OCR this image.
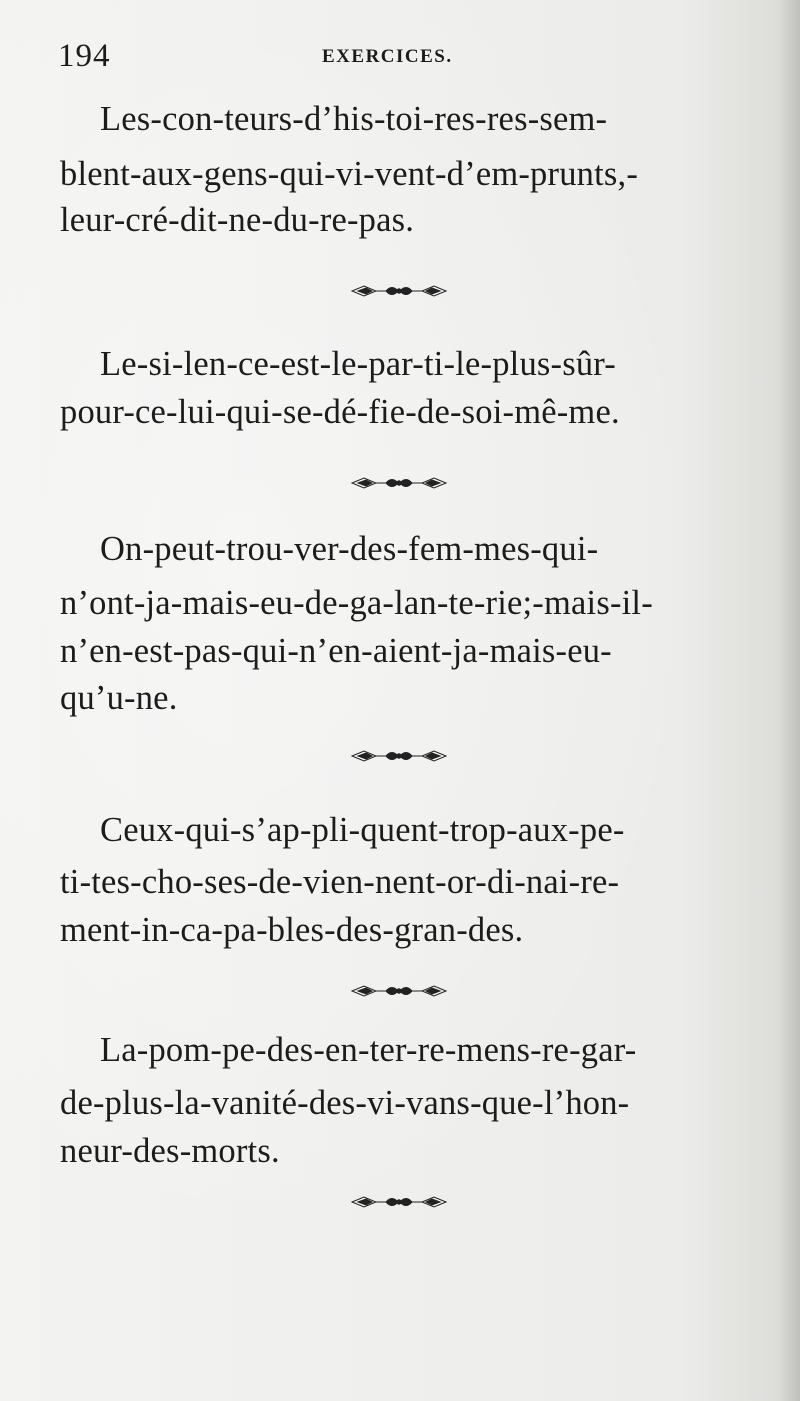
194	EXERCICES.
Les-con-teurs-d’his-toi-res-res-sem-
blent-aux-gens-qui-vi-vent-d’em-prunts,-
leur-cré-dit-ne-du-re-pas.
Le-si-len-ce-est-le-par-ti-le-plus-sûr-
pour-ce-lui-qui-se-dé-fie-de-soi-mê-me.
On-peut-trou-ver-des-fem-mes-qui-
n’ont-ja-mais-eu-de-ga-lan-te-rie;-mais-il-
n’en-est-pas-qui-n’en-aient-ja-mais-eu-
qu’u-ne.
Ceux-qui-s’ap-pli-quent-trop-aux-pe-
ti-tes-cho-ses-de-vien-nent-or-di-nai-re-
ment-in-ca-pa-bles-des-gran-des.
La-pom-pe-des-en-ter-re-mens-re-gar-
de-plus-la-vanité-des-vi-vans-que-l’hon-
neur-des-morts.
